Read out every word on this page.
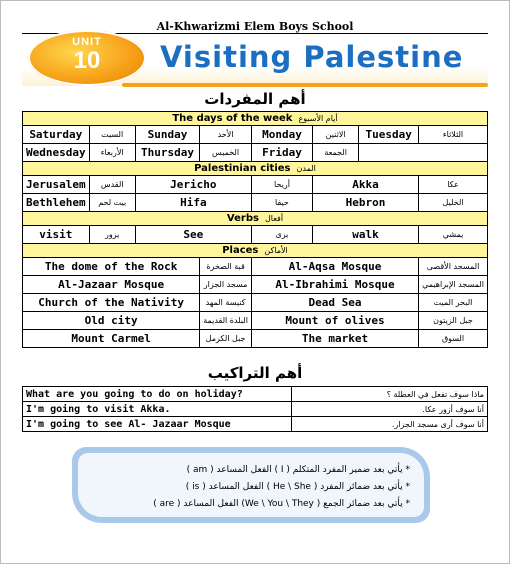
Al-Khwarizmi Elem Boys School
UNIT
10	Visiting Palestine
أهم المفردات
The days of the week أيام الأسبوع							
Saturday	السبت	Sunday	الأحد	Monday	الاثنين	Tuesday	الثلاثاء
Wednesday	الأربعاء	Thursday	الخميس	Friday	الجمعة		
Palestinian cities المدن							
Jerusalem	القدس	Jericho		أريحا	Akka		عكا
Bethlehem	بيت لحم	Hifa		حيفا	Hebron		الخليل
Verbs أفعال							
visit	يزور	See		يرى	walk		يمشي
Places الأماكن							
The dome of the Rock			قبة الصخرة	Al-Aqsa Mosque			المسجد الأقصى
Al-Jazaar Mosque			مسجد الجزار	Al-Ibrahimi Mosque			المسجد الإبراهيمي
Church of the Nativity			كنيسة المهد	Dead Sea			البحر الميت
Old city			البلدة القديمة	Mount of olives			جبل الزيتون
Mount Carmel			جبل الكرمل	The market			السوق
أهم التراكيب
What are you going to do on holiday?	ماذا سوف تفعل في العطلة ؟
I'm going to visit Akka.	أنا سوف أزور عكا.
I'm going to see Al- Jazaar Mosque	أنا سوف أرى مسجد الجزار.
* يأتي بعد ضمير المفرد المتكلم ( I ) الفعل المساعد ( am )
* يأتي بعد ضمائر المفرد ( He \ She ) الفعل المساعد ( is )
* يأتي بعد ضمائر الجمع ( We \ You \ They) الفعل المساعد ( are )
